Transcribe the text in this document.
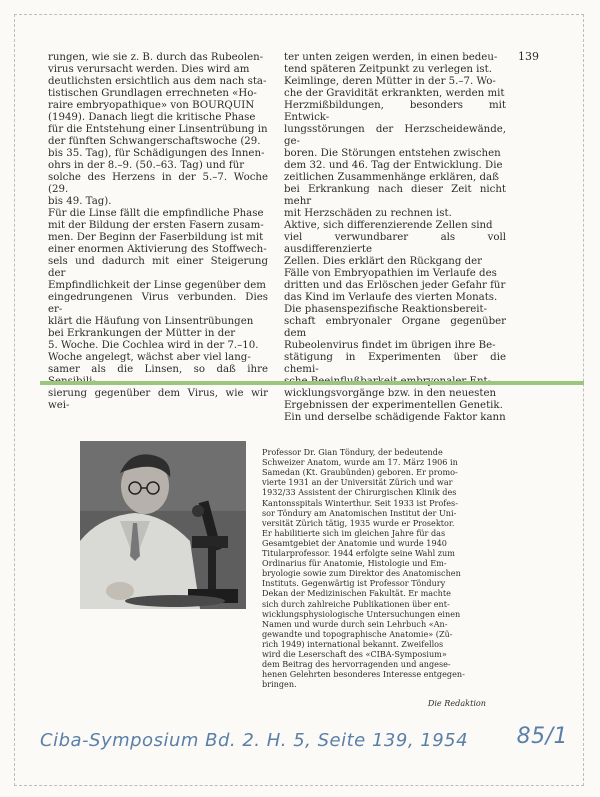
139
rungen, wie sie z. B. durch das Rubeolen-
virus verursacht werden. Dies wird am
deutlichsten ersichtlich aus dem nach sta-
tistischen Grundlagen errechneten «Ho-
raire embryopathique» von BOURQUIN
(1949). Danach liegt die kritische Phase
für die Entstehung einer Linsentrübung in
der fünften Schwangerschaftswoche (29.
bis 35. Tag), für Schädigungen des Innen-
ohrs in der 8.–9. (50.–63. Tag) und für
solche des Herzens in der 5.–7. Woche (29.
bis 49. Tag).
Für die Linse fällt die empfindliche Phase
mit der Bildung der ersten Fasern zusam-
men. Der Beginn der Faserbildung ist mit
einer enormen Aktivierung des Stoffwech-
sels und dadurch mit einer Steigerung der
Empfindlichkeit der Linse gegenüber dem
eingedrungenen Virus verbunden. Dies er-
klärt die Häufung von Linsentrübungen
bei Erkrankungen der Mütter in der
5. Woche. Die Cochlea wird in der 7.–10.
Woche angelegt, wächst aber viel lang-
samer als die Linsen, so daß ihre
sierung gegenüber dem Virus, wie wir wei-
ter unten zeigen werden, in einen bedeu-
tend späteren Zeitpunkt zu verlegen ist.
Keimlinge, deren Mütter in der 5.–7. Wo-
che der Gravidität erkrankten, werden mit
Herzmißbildungen, besonders mit Entwick-
lungsstörungen der Herzscheidewände, ge-
boren. Die Störungen entstehen zwischen
dem 32. und 46. Tag der Entwicklung. Die
zeitlichen Zusammenhänge erklären, daß
bei Erkrankung nach dieser Zeit nicht mehr
mit Herzschäden zu rechnen ist.
Aktive, sich differenzierende Zellen sind
viel verwundbarer als voll ausdifferenzierte
Zellen. Dies erklärt den Rückgang der
Fälle von Embryopathien im Verlaufe des
dritten und das Erlöschen jeder Gefahr für
das Kind im Verlaufe des vierten Monats.
Die phasenspezifische Reaktionsbereit-
schaft embryonaler Organe gegenüber dem
Rubeolenvirus findet im übrigen ihre Be-
stätigung in Experimenten über die chemi-

wicklungsvorgänge bzw. in den neuesten
Ergebnissen der experimentellen Genetik.
Ein und derselbe schädigende Faktor kann

Professor Dr. Gian Töndury, der bedeutende
Schweizer Anatom, wurde am 17. März 1906 in
Samedan (Kt. Graubünden) geboren. Er promo-
vierte 1931 an der Universität Zürich und war
1932/33 Assistent der Chirurgischen Klinik des
Kantonsspitals Winterthur. Seit 1933 ist Profes-
sor Töndury am Anatomischen Institut der Uni-
versität Zürich tätig, 1935 wurde er Prosektor.
Er habilitierte sich im gleichen Jahre für das
Gesamtgebiet der Anatomie und wurde 1940
Titularprofessor. 1944 erfolgte seine Wahl zum
Ordinarius für Anatomie, Histologie und Em-
bryologie sowie zum Direktor des Anatomischen
Instituts. Gegenwärtig ist Professor Töndury
Dekan der Medizinischen Fakultät. Er machte
sich durch zahlreiche Publikationen über ent-
wicklungsphysiologische Untersuchungen einen
Namen und wurde durch sein Lehrbuch «An-
gewandte und topographische Anatomie» (Zü-
rich 1949) international bekannt. Zweifellos
wird die Leserschaft des «CIBA-Symposium»
dem Beitrag des hervorragenden und angese-
henen Gelehrten besonderes Interesse entgegen-
bringen.

Die Redaktion

Ciba-Symposium Bd. 2. H. 5, Seite 139, 1954 85/1
